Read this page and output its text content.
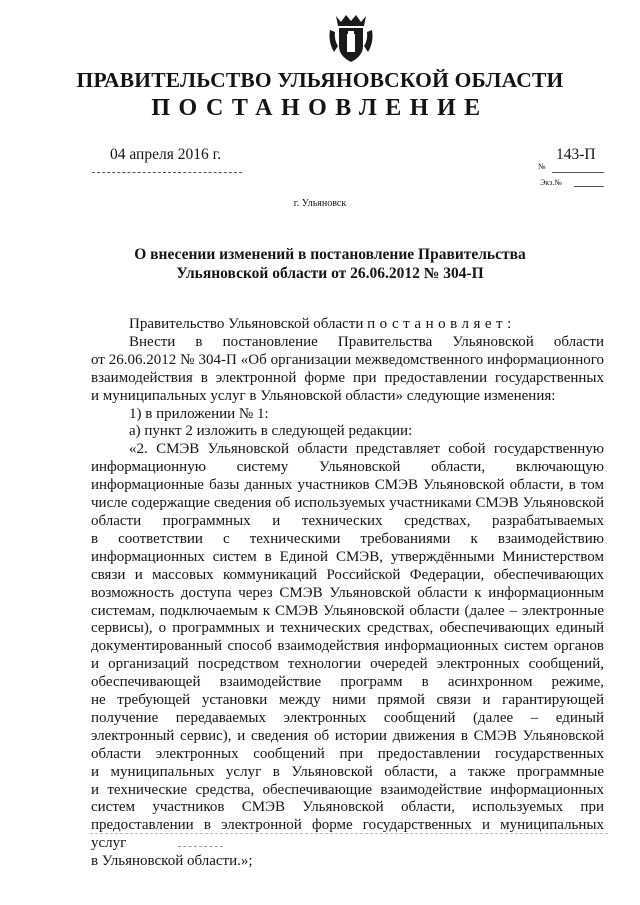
ПРАВИТЕЛЬСТВО УЛЬЯНОВСКОЙ ОБЛАСТИ
ПОСТАНОВЛЕНИЕ
04 апреля 2016 г.	143-П
№
Экз.№
г. Ульяновск
О внесении изменений в постановление Правительства
Ульяновской области от 26.06.2012 № 304-П

Правительство Ульяновской области постановляет:

Внести в постановление Правительства Ульяновской области

от 26.06.2012 № 304-П «Об организации межведомственного информационного

взаимодействия в электронной форме при предоставлении государственных

и муниципальных услуг в Ульяновской области» следующие изменения:

1) в приложении № 1:

а) пункт 2 изложить в следующей редакции:

«2. СМЭВ Ульяновской области представляет собой государственную

информационную систему Ульяновской области, включающую

информационные базы данных участников СМЭВ Ульяновской области, в том

числе содержащие сведения об используемых участниками СМЭВ Ульяновской

области программных и технических средствах, разрабатываемых

в соответствии с техническими требованиями к взаимодействию

информационных систем в Единой СМЭВ, утверждёнными Министерством

связи и массовых коммуникаций Российской Федерации, обеспечивающих

возможность доступа через СМЭВ Ульяновской области к информационным

системам, подключаемым к СМЭВ Ульяновской области (далее – электронные

сервисы), о программных и технических средствах, обеспечивающих единый

документированный способ взаимодействия информационных систем органов

и организаций посредством технологии очередей электронных сообщений,

обеспечивающей взаимодействие программ в асинхронном режиме,

не требующей установки между ними прямой связи и гарантирующей

получение передаваемых электронных сообщений (далее – единый

электронный сервис), и сведения об истории движения в СМЭВ Ульяновской

области электронных сообщений при предоставлении государственных

и муниципальных услуг в Ульяновской области, а также программные

и технические средства, обеспечивающие взаимодействие информационных

систем участников СМЭВ Ульяновской области, используемых при

предоставлении в электронной форме государственных и муниципальных услуг

в Ульяновской области.»;
